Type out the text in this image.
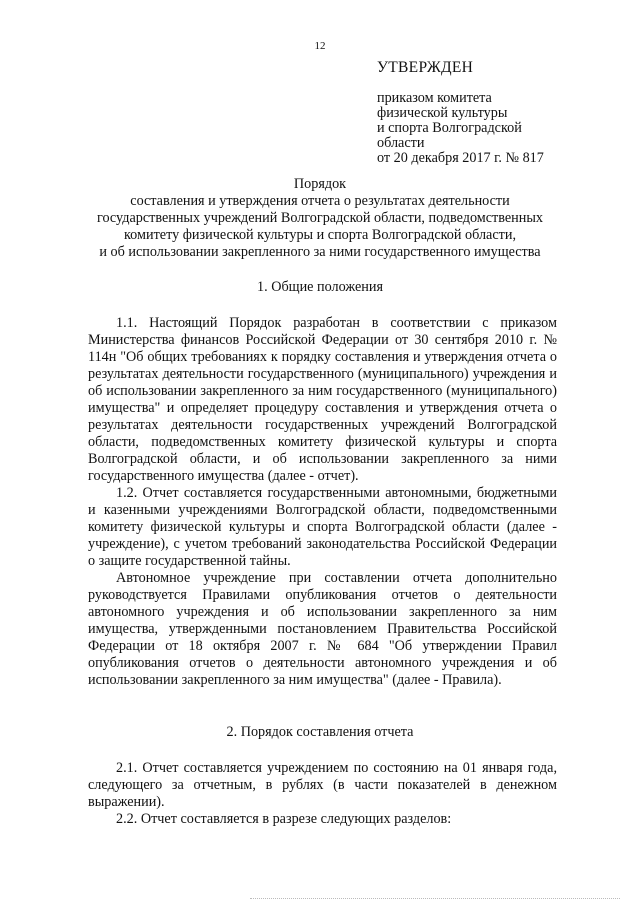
12
УТВЕРЖДЕН
приказом комитета
физической культуры
и спорта Волгоградской
области
от 20 декабря 2017 г. № 817
Порядок
составления и утверждения отчета о результатах деятельности
государственных учреждений Волгоградской области, подведомственных
комитету физической культуры и спорта Волгоградской области,
и об использовании закрепленного за ними государственного имущества
1. Общие положения

1.1. Настоящий Порядок разработан в соответствии с приказом Министерства финансов Российской Федерации от 30 сентября 2010 г. № 114н "Об общих требованиях к порядку составления и утверждения отчета о результатах деятельности государственного (муниципального) учреждения и об использовании закрепленного за ним государственного (муниципального) имущества" и определяет процедуру составления и утверждения отчета о результатах деятельности государственных учреждений Волгоградской области, подведомственных комитету физической культуры и спорта Волгоградской области, и об использовании закрепленного за ними государственного имущества (далее - отчет).

1.2. Отчет составляется государственными автономными, бюджетными и казенными учреждениями Волгоградской области, подведомственными комитету физической культуры и спорта Волгоградской области (далее - учреждение), с учетом требований законодательства Российской Федерации о защите государственной тайны.

Автономное учреждение при составлении отчета дополнительно руководствуется Правилами опубликования отчетов о деятельности автономного учреждения и об использовании закрепленного за ним имущества, утвержденными постановлением Правительства Российской Федерации от 18 октября 2007 г. № 684 "Об утверждении Правил опубликования отчетов о деятельности автономного учреждения и об использовании закрепленного за ним имущества" (далее - Правила).

2. Порядок составления отчета

2.1. Отчет составляется учреждением по состоянию на 01 января года, следующего за отчетным, в рублях (в части показателей в денежном выражении).

2.2. Отчет составляется в разрезе следующих разделов:
